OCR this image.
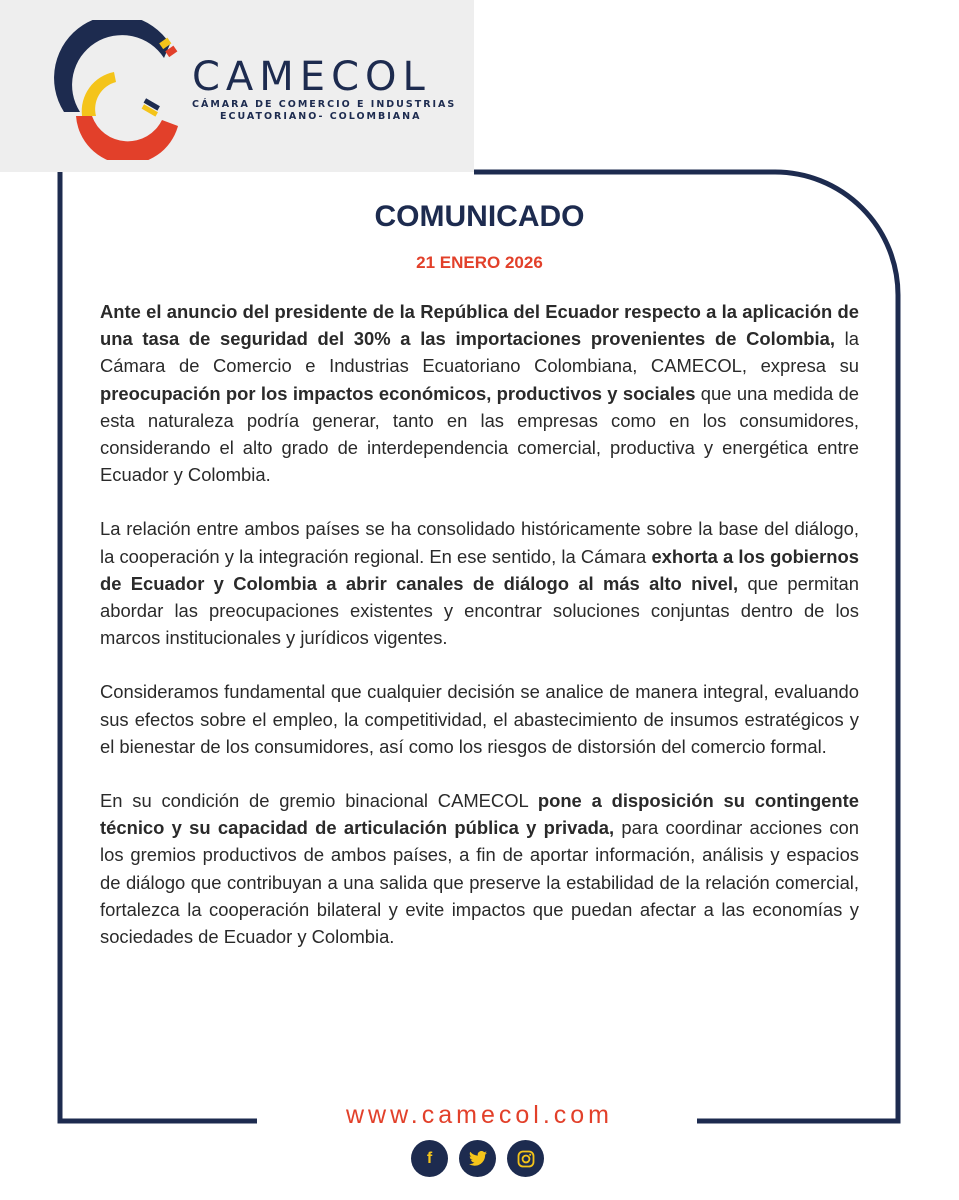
CAMECOL
CÁMARA DE COMERCIO E INDUSTRIAS
ECUATORIANO- COLOMBIANA
COMUNICADO
21 ENERO 2026

Ante el anuncio del presidente de la República del Ecuador respecto a la aplicación de una tasa de seguridad del 30% a las importaciones provenientes de Colombia, la Cámara de Comercio e Industrias Ecuatoriano Colombiana, CAMECOL, expresa su preocupación por los impactos económicos, productivos y sociales que una medida de esta naturaleza podría generar, tanto en las empresas como en los consumidores, considerando el alto grado de interdependencia comercial, productiva y energética entre Ecuador y Colombia.

La relación entre ambos países se ha consolidado históricamente sobre la base del diálogo, la cooperación y la integración regional. En ese sentido, la Cámara exhorta a los gobiernos de Ecuador y Colombia a abrir canales de diálogo al más alto nivel, que permitan abordar las preocupaciones existentes y encontrar soluciones conjuntas dentro de los marcos institucionales y jurídicos vigentes.

Consideramos fundamental que cualquier decisión se analice de manera integral, evaluando sus efectos sobre el empleo, la competitividad, el abastecimiento de insumos estratégicos y el bienestar de los consumidores, así como los riesgos de distorsión del comercio formal.

En su condición de gremio binacional CAMECOL pone a disposición su contingente técnico y su capacidad de articulación pública y privada, para coordinar acciones con los gremios productivos de ambos países, a fin de aportar información, análisis y espacios de diálogo que contribuyan a una salida que preserve la estabilidad de la relación comercial, fortalezca la cooperación bilateral y evite impactos que puedan afectar a las economías y sociedades de Ecuador y Colombia.

www.camecol.com
f
